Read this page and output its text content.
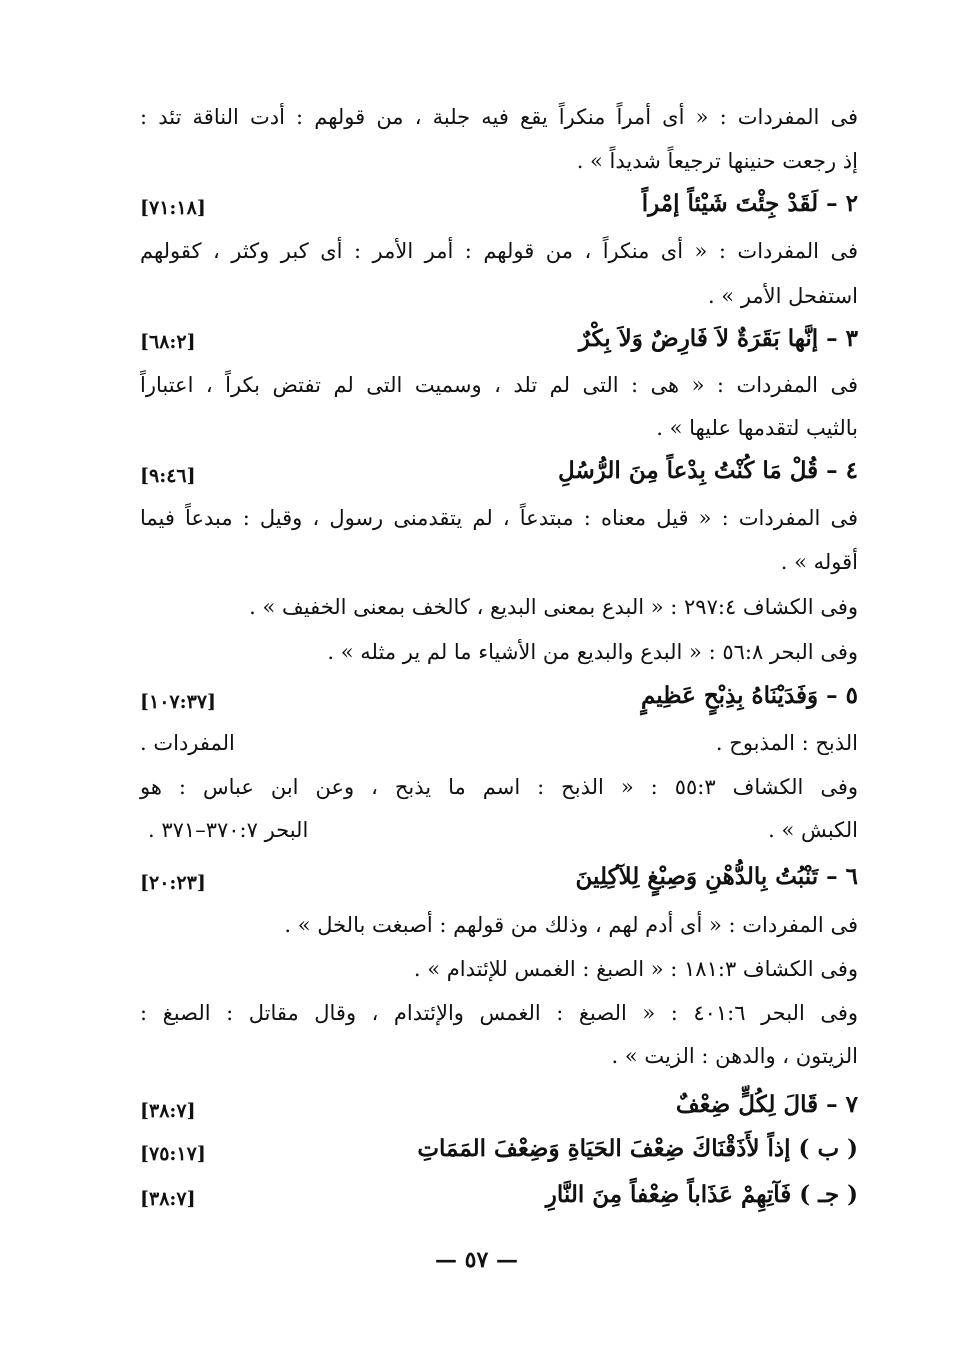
فى المفردات : « أى أمراً منكراً يقع فيه جلبة ، من قولهم : أدت الناقة تئد :
إذ رجعت حنينها ترجيعاً شديداً » .
٢ – لَقَدْ جِئْتَ شَيْئاً إمْراً
[٧١:١٨]
فى المفردات : « أى منكراً ، من قولهم : أمر الأمر : أى كبر وكثر ، كقولهم
استفحل الأمر » .
٣ – إنَّها بَقَرَةٌ لاَ فَارِضٌ وَلاَ بِكْرٌ
[٦٨:٢]
فى المفردات : « هى : التى لم تلد ، وسميت التى لم تفتض بكراً ، اعتباراً
بالثيب لتقدمها عليها » .
٤ – قُلْ مَا كُنْتُ بِدْعاً مِنَ الرُّسُلِ
[٩:٤٦]
فى المفردات : « قيل معناه : مبتدعاً ، لم يتقدمنى رسول ، وقيل : مبدعاً فيما
أقوله » .
وفى الكشاف ٢٩٧:٤ : « البدع بمعنى البديع ، كالخف بمعنى الخفيف » .
وفى البحر ٥٦:٨ : « البدع والبديع من الأشياء ما لم ير مثله » .
٥ – وَفَدَيْنَاهُ بِذِبْحٍ عَظِيمٍ
[١٠٧:٣٧]
الذبح : المذبوح .
المفردات .
وفى الكشاف ٥٥:٣ : « الذبح : اسم ما يذبح ، وعن ابن عباس : هو
الكبش » .
البحر ٣٧٠:٧–٣٧١ .
٦ – تَنْبُتُ بِالدُّهْنِ وَصِبْغٍ لِلآكِلِينَ
[٢٠:٢٣]
فى المفردات : « أى أدم لهم ، وذلك من قولهم : أصبغت بالخل » .
وفى الكشاف ١٨١:٣ : « الصبغ : الغمس للإئتدام » .
وفى البحر ٤٠١:٦ : « الصبغ : الغمس والإئتدام ، وقال مقاتل : الصبغ :
الزيتون ، والدهن : الزيت » .
٧ – قَالَ لِكُلٍّ ضِعْفٌ
[٣٨:٧]
( ب ) إذاً لأَذَقْنَاكَ ضِعْفَ الحَيَاةِ وَضِعْفَ المَمَاتِ
[٧٥:١٧]
( جـ ) فَآتِهِمْ عَذَاباً ضِعْفاً مِنَ النَّارِ
[٣٨:٧]
— ٥٧ —
